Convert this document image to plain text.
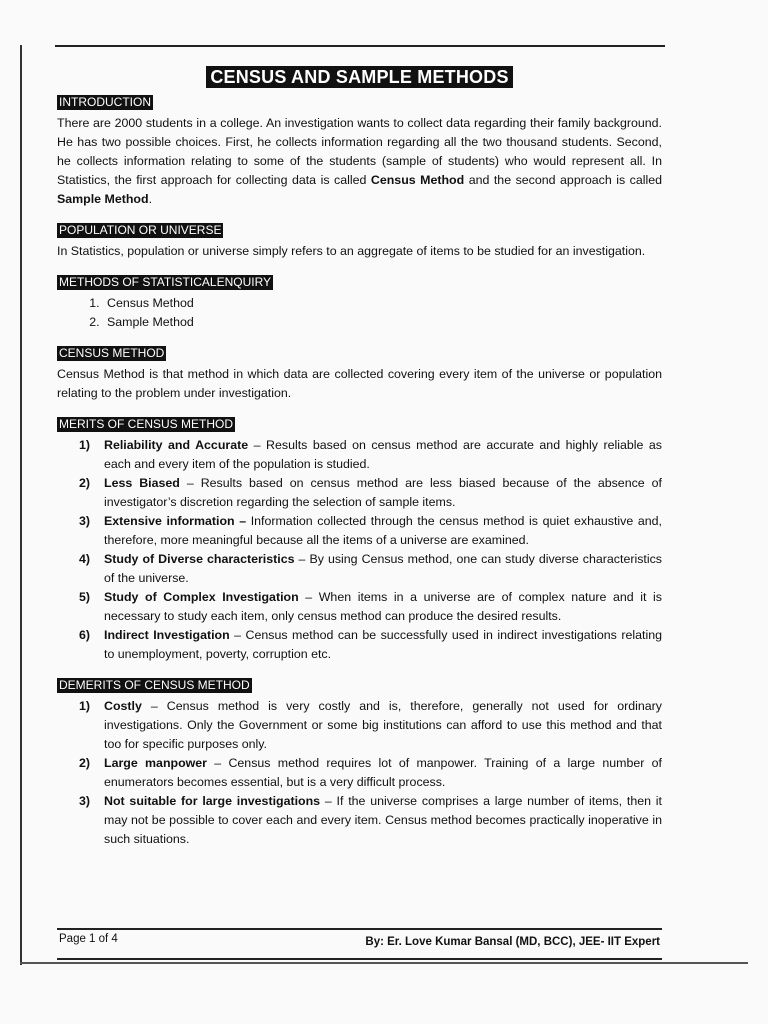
CENSUS AND SAMPLE METHODS
INTRODUCTION

There are 2000 students in a college. An investigation wants to collect data regarding their family background. He has two possible choices. First, he collects information regarding all the two thousand students. Second, he collects information relating to some of the students (sample of students) who would represent all. In Statistics, the first approach for collecting data is called Census Method and the second approach is called Sample Method.

POPULATION OR UNIVERSE

In Statistics, population or universe simply refers to an aggregate of items to be studied for an investigation.

METHODS OF STATISTICALENQUIRY
1. Census Method
2. Sample Method
CENSUS METHOD

Census Method is that method in which data are collected covering every item of the universe or population relating to the problem under investigation.

MERITS OF CENSUS METHOD
1) Reliability and Accurate – Results based on census method are accurate and highly reliable as each and every item of the population is studied.
2) Less Biased – Results based on census method are less biased because of the absence of investigator’s discretion regarding the selection of sample items.
3) Extensive information – Information collected through the census method is quiet exhaustive and, therefore, more meaningful because all the items of a universe are examined.
4) Study of Diverse characteristics – By using Census method, one can study diverse characteristics of the universe.
5) Study of Complex Investigation – When items in a universe are of complex nature and it is necessary to study each item, only census method can produce the desired results.
6) Indirect Investigation – Census method can be successfully used in indirect investigations relating to unemployment, poverty, corruption etc.
DEMERITS OF CENSUS METHOD
1) Costly – Census method is very costly and is, therefore, generally not used for ordinary investigations. Only the Government or some big institutions can afford to use this method and that too for specific purposes only.
2) Large manpower – Census method requires lot of manpower. Training of a large number of enumerators becomes essential, but is a very difficult process.
3) Not suitable for large investigations – If the universe comprises a large number of items, then it may not be possible to cover each and every item. Census method becomes practically inoperative in such situations.
Page 1 of 4	By: Er. Love Kumar Bansal (MD, BCC), JEE- IIT Expert
